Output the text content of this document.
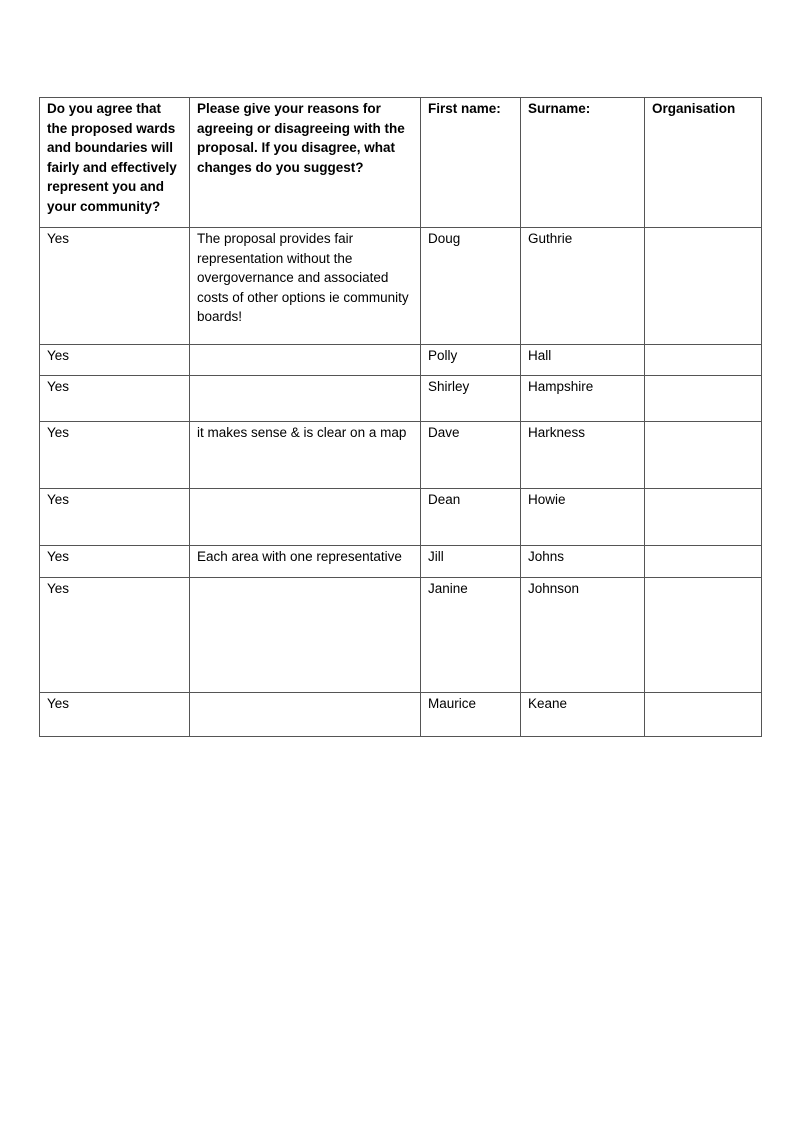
Do you agree that the proposed wards and boundaries will fairly and effectively represent you and your community?	Please give your reasons for agreeing or disagreeing with the proposal. If you disagree, what changes do you suggest?	First name:	Surname:	Organisation
Yes	The proposal provides fair representation without the overgovernance and associated costs of other options ie community boards!	Doug	Guthrie	
Yes		Polly	Hall	
Yes		Shirley	Hampshire	
Yes	it makes sense & is clear on a map	Dave	Harkness	
Yes		Dean	Howie	
Yes	Each area with one representative	Jill	Johns	
Yes		Janine	Johnson	
Yes		Maurice	Keane	
